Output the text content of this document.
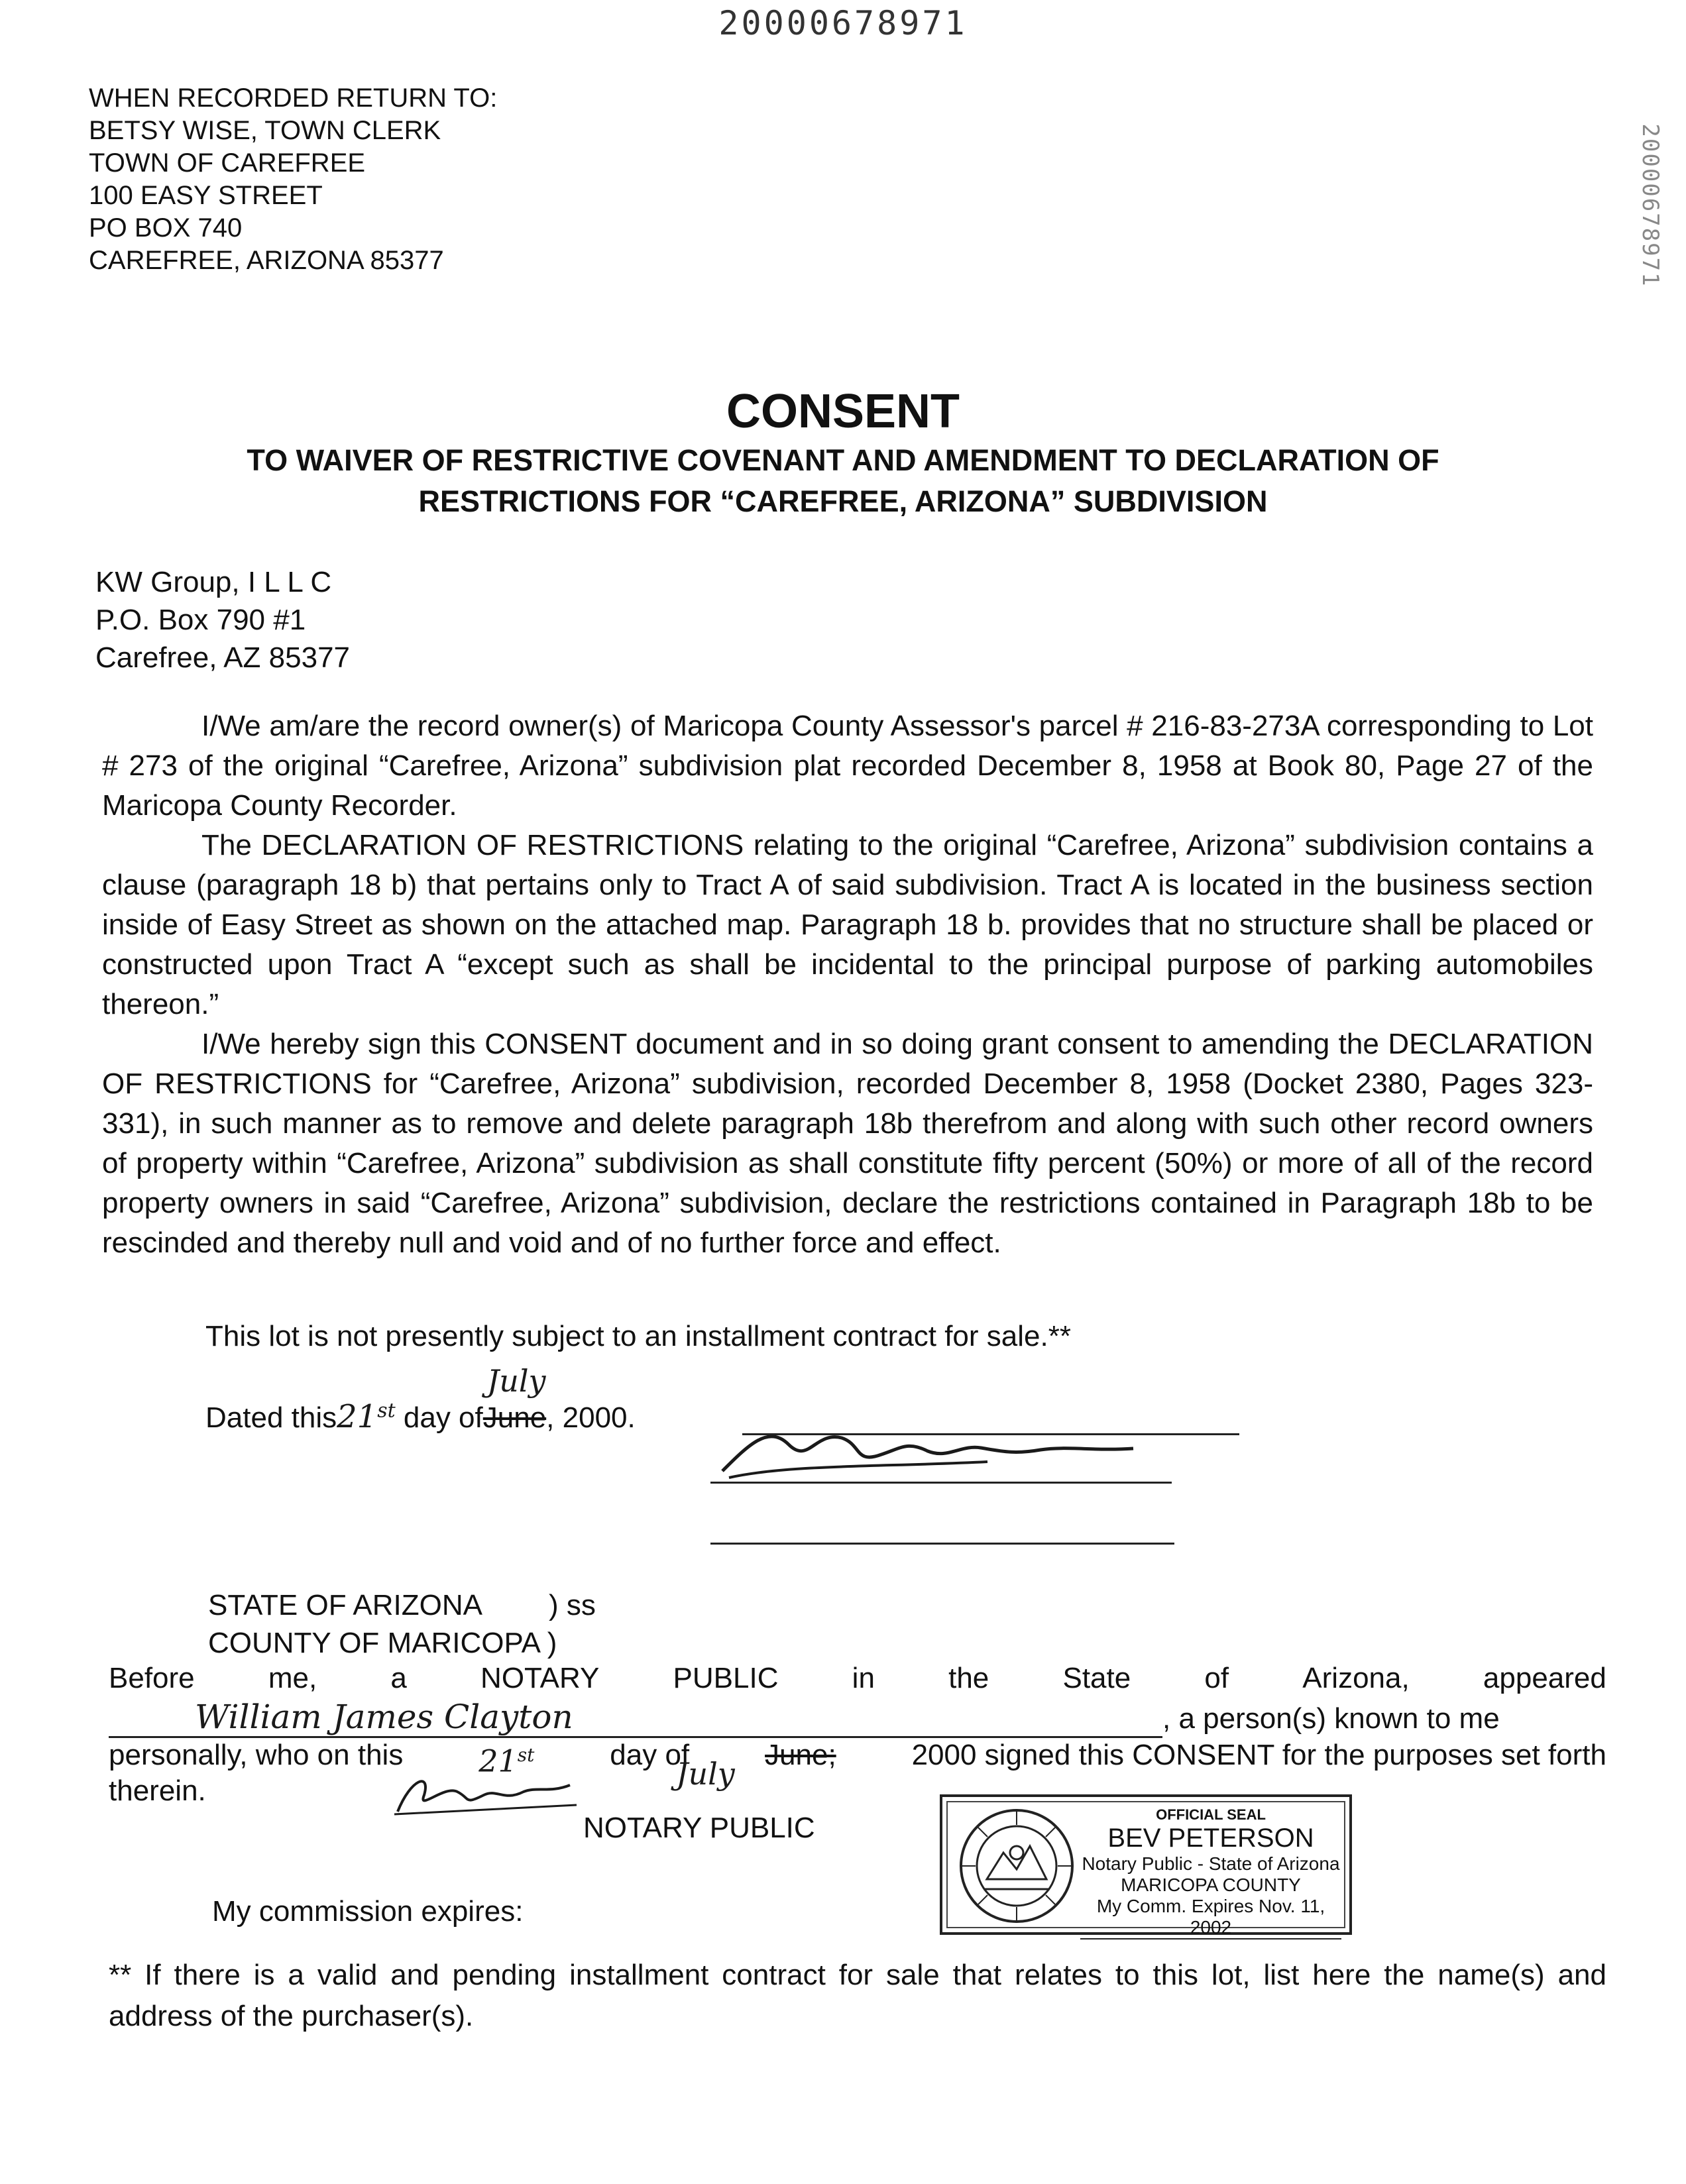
20000678971
20000678971
WHEN RECORDED RETURN TO:
BETSY WISE, TOWN CLERK
TOWN OF CAREFREE
100 EASY STREET
PO BOX 740
CAREFREE, ARIZONA 85377
CONSENT
TO WAIVER OF RESTRICTIVE COVENANT AND AMENDMENT TO DECLARATION OF
RESTRICTIONS FOR “CAREFREE, ARIZONA” SUBDIVISION
KW Group, I L L C
P.O. Box 790 #1
Carefree, AZ 85377

I/We am/are the record owner(s) of Maricopa County Assessor's parcel # 216-83-273A corresponding to Lot # 273 of the original “Carefree, Arizona” subdivision plat recorded December 8, 1958 at Book 80, Page 27 of the Maricopa County Recorder.

The DECLARATION OF RESTRICTIONS relating to the original “Carefree, Arizona” subdivision contains a clause (paragraph 18 b) that pertains only to Tract A of said subdivision. Tract A is located in the business section inside of Easy Street as shown on the attached map. Paragraph 18 b. provides that no structure shall be placed or constructed upon Tract A “except such as shall be incidental to the principal purpose of parking automobiles thereon.”

I/We hereby sign this CONSENT document and in so doing grant consent to amending the DECLARATION OF RESTRICTIONS for “Carefree, Arizona” subdivision, recorded December 8, 1958 (Docket 2380, Pages 323-331), in such manner as to remove and delete paragraph 18b therefrom and along with such other record owners of property within “Carefree, Arizona” subdivision as shall constitute fifty percent (50%) or more of all of the record property owners in said “Carefree, Arizona” subdivision, declare the restrictions contained in Paragraph 18b to be rescinded and thereby null and void and of no further force and effect.

This lot is not presently subject to an installment contract for sale.**
Dated this21st day ofJune
July
, 2000.
STATE OF ARIZONA ) ss
COUNTY OF MARICOPA )
Before	me,	a	NOTARY	PUBLIC	in	the	State	of	Arizona,	appeared
William James Clayton	, a person(s) known to me
personally, who on this 21st	day of	June;	2000 signed this CONSENT for the purposes set forth
therein.	July
NOTARY PUBLIC
My commission expires:
OFFICIAL SEAL
BEV PETERSON
Notary Public - State of Arizona
MARICOPA COUNTY
My Comm. Expires Nov. 11, 2002
** If there is a valid and pending installment contract for sale that relates to this lot, list here the name(s) and address of the purchaser(s).
